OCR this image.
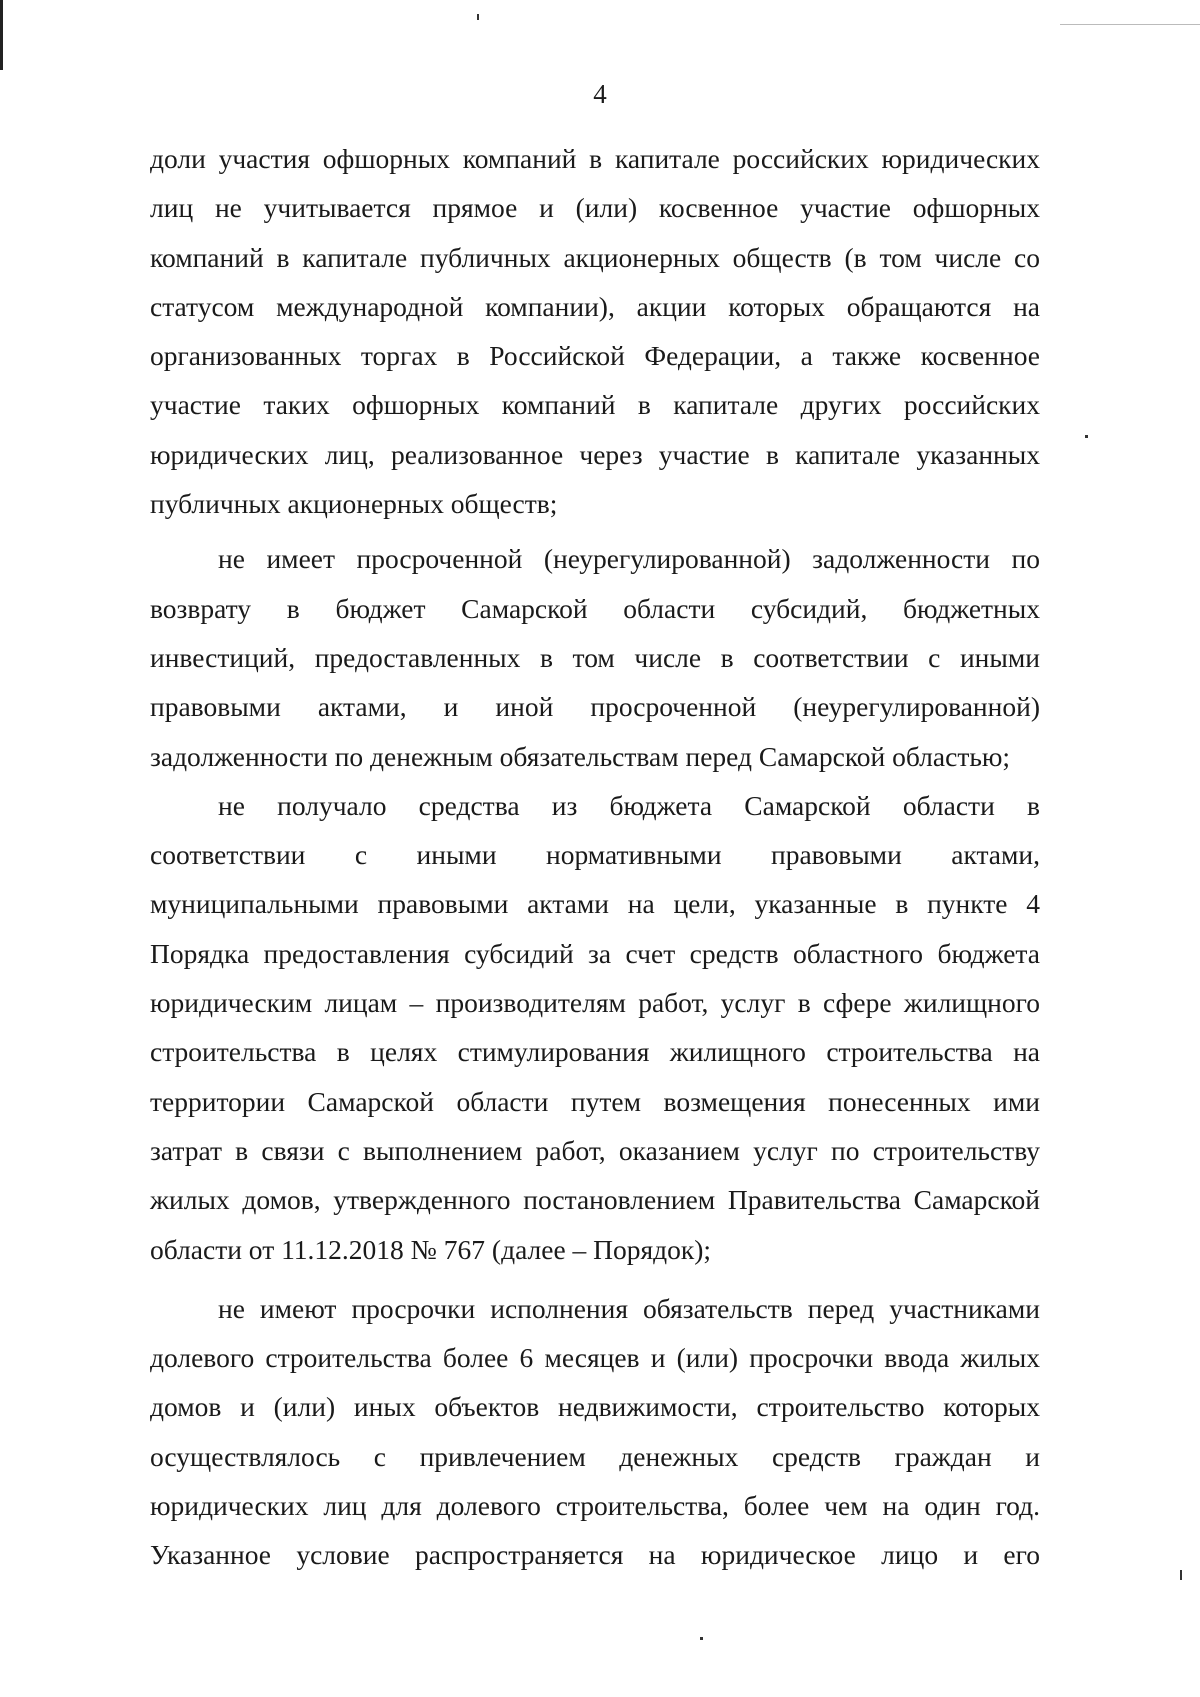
4
доли участия офшорных компаний в капитале российских юридических
лиц не учитывается прямое и (или) косвенное участие офшорных
компаний в капитале публичных акционерных обществ (в том числе со
статусом международной компании), акции которых обращаются на
организованных торгах в Российской Федерации, а также косвенное
участие таких офшорных компаний в капитале других российских
юридических лиц, реализованное через участие в капитале указанных
публичных акционерных обществ;
не имеет просроченной (неурегулированной) задолженности по
возврату в бюджет Самарской области субсидий, бюджетных
инвестиций, предоставленных в том числе в соответствии с иными
правовыми актами, и иной просроченной (неурегулированной)
задолженности по денежным обязательствам перед Самарской областью;
не получало средства из бюджета Самарской области в
соответствии с иными нормативными правовыми актами,
муниципальными правовыми актами на цели, указанные в пункте 4
Порядка предоставления субсидий за счет средств областного бюджета
юридическим лицам – производителям работ, услуг в сфере жилищного
строительства в целях стимулирования жилищного строительства на
территории Самарской области путем возмещения понесенных ими
затрат в связи с выполнением работ, оказанием услуг по строительству
жилых домов, утвержденного постановлением Правительства Самарской
области от 11.12.2018 № 767 (далее – Порядок);
не имеют просрочки исполнения обязательств перед участниками
долевого строительства более 6 месяцев и (или) просрочки ввода жилых
домов и (или) иных объектов недвижимости, строительство которых
осуществлялось с привлечением денежных средств граждан и
юридических лиц для долевого строительства, более чем на один год.
Указанное условие распространяется на юридическое лицо и его
